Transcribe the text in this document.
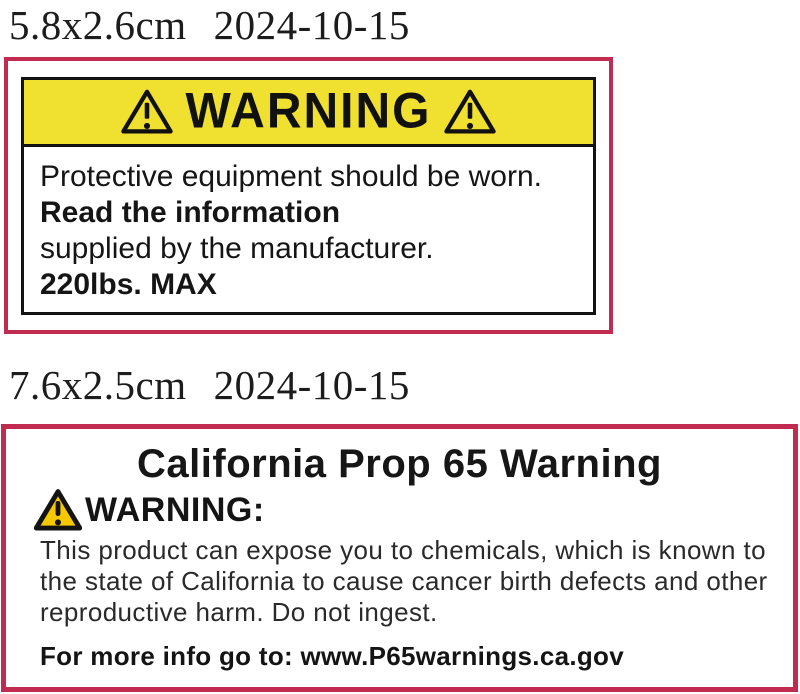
5.8x2.6cm 2024-10-15
WARNING
Protective equipment should be worn.
Read the information
supplied by the manufacturer.
220lbs. MAX
7.6x2.5cm 2024-10-15
California Prop 65 Warning
WARNING:
This product can expose you to chemicals, which is known to
the state of California to cause cancer birth defects and other
reproductive harm. Do not ingest.
For more info go to: www.P65warnings.ca.gov
